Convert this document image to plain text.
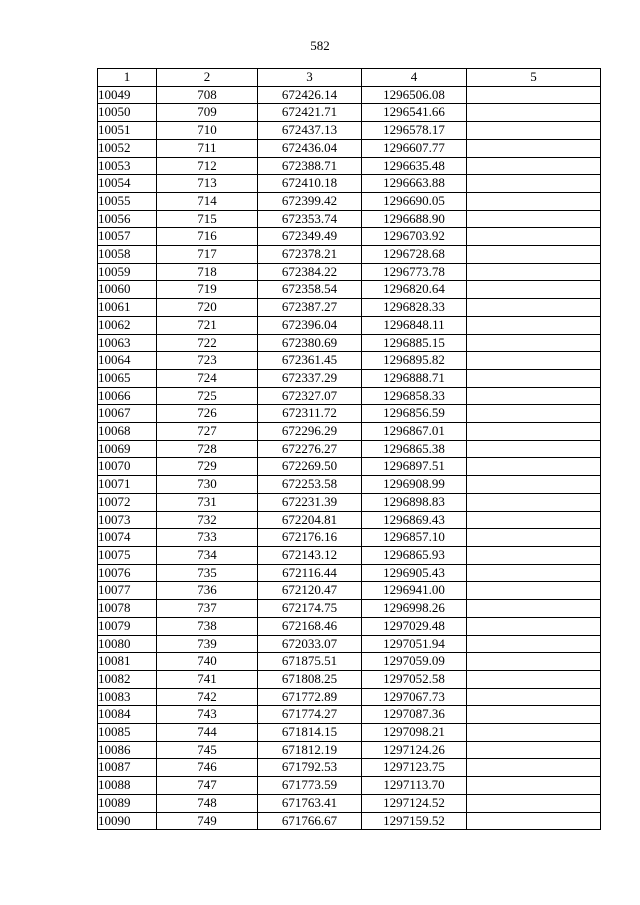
582
1	2	3	4	5
10049	708	672426.14	1296506.08	
10050	709	672421.71	1296541.66	
10051	710	672437.13	1296578.17	
10052	711	672436.04	1296607.77	
10053	712	672388.71	1296635.48	
10054	713	672410.18	1296663.88	
10055	714	672399.42	1296690.05	
10056	715	672353.74	1296688.90	
10057	716	672349.49	1296703.92	
10058	717	672378.21	1296728.68	
10059	718	672384.22	1296773.78	
10060	719	672358.54	1296820.64	
10061	720	672387.27	1296828.33	
10062	721	672396.04	1296848.11	
10063	722	672380.69	1296885.15	
10064	723	672361.45	1296895.82	
10065	724	672337.29	1296888.71	
10066	725	672327.07	1296858.33	
10067	726	672311.72	1296856.59	
10068	727	672296.29	1296867.01	
10069	728	672276.27	1296865.38	
10070	729	672269.50	1296897.51	
10071	730	672253.58	1296908.99	
10072	731	672231.39	1296898.83	
10073	732	672204.81	1296869.43	
10074	733	672176.16	1296857.10	
10075	734	672143.12	1296865.93	
10076	735	672116.44	1296905.43	
10077	736	672120.47	1296941.00	
10078	737	672174.75	1296998.26	
10079	738	672168.46	1297029.48	
10080	739	672033.07	1297051.94	
10081	740	671875.51	1297059.09	
10082	741	671808.25	1297052.58	
10083	742	671772.89	1297067.73	
10084	743	671774.27	1297087.36	
10085	744	671814.15	1297098.21	
10086	745	671812.19	1297124.26	
10087	746	671792.53	1297123.75	
10088	747	671773.59	1297113.70	
10089	748	671763.41	1297124.52	
10090	749	671766.67	1297159.52	
